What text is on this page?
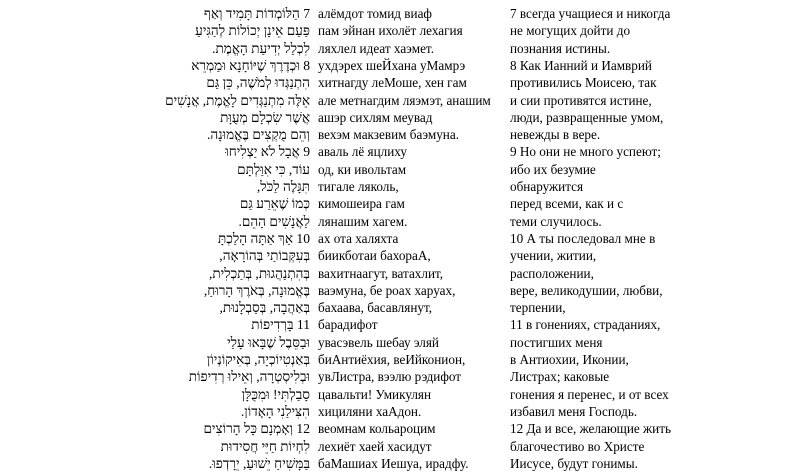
7 הַלּוֹמְדוֹת תָּמִיד וְאַף алёмдот томид виаф	7 всегда учащиеся и никогда
פַּעַם אֵינָן יְכוֹלוֹת לְהַגִּיעַ пам эйнан ихолёт лехагия	не могущих дойти до
לִכְלַל יְדִיעַת הָאֱמֶת. ляхлел идеат хаэмет.	познания истины.
8 וּכְדֶרֶךְ שֶׁיּוֹחָנָא וּמַמְרֵא ухдэрех шеЙхана уМамрэ	8 Как Ианний и Иамврий
הִתְנַגְּדוּ לְמֹשֶׁה, כֵּן גַּם хитнагду леМоше, хен гам	противились Моисею, так
אֵלֶּה מִתְנַגְּדִים לָאֱמֶת, אֲנָשִׁים але метнагдим ляэмэт, анашим	и сии противятся истине,
אֲשֶׁר שִׂכְלָם מְעֻוָּת ашэр сихлям меувад	люди, развращенные умом,
וְהֵם מֻקְצִים בֶּאֱמוּנָה. вехэм макзевим баэмуна.	невежды в вере.
9 אֲבָל לֹא יַצְלִיחוּ аваль лё яцлиху	9 Но они не много успеют;
עוֹד, כִּי אִוַּלְתָּם од, ки ивольтам	ибо их безумие
תִּגָּלֶה לַכֹּל, тигале ляколь,	обнаружится
כְּמוֹ שֶׁאֵרַע גַּם кимошеира гам	перед всеми, как и с
לַאֲנָשִׁים הָהֵם. лянашим хагем.	теми случилось.
10 אַךְ אַתָּה הָלַכְתָּ ах ота халяхта	10 А ты последовал мне в
בְּעִקְּבוֹתַי בְּהוֹרָאָה, биикботаи бахораА,	учении, житии,
בְּהִתְנַהֲגוּת, בְּתַכְלִית, вахитнаагут, ватахлит,	расположении,
בֶּאֱמוּנָה, בְּאֹרֶךְ הָרוּחַ, ваэмуна, бе роах харуах,	вере, великодушии, любви,
בְּאַהֲבָה, בְּסַבְלָנוּת, бахаава, басавлянут,	терпении,
11 בָּרְדִיפוֹת барадифот	11 в гонениях, страданиях,
וּבַסֵּבֶל שֶׁבָּאוּ עָלַי увасэвель шебау эляй	постигших меня
בְּאַנְטִיוֹכְיָה, בְּאִיקוֹנְיוֹן биАнтиёхия, веИйконион,	в Антиохии, Иконии,
וּבְלִיסְטְרָה, וְאֵילוּ רְדִיפוֹת увЛистра, вээлю рэдифот	Листрах; каковые
סָבַלְתִּי! וּמִכֻּלָּן цавальти! Умикулян	гонения я перенес, и от всех
הִצִּילַנִי הָאָדוֹן. хициляни хаАдон.	избавил меня Господь.
12 וְאָמְנָם כָּל הָרוֹצִים веомнам кольароцим	12 Да и все, желающие жить
לִחְיוֹת חַיֵּי חֲסִידוּת лехиёт хаей хасидут	благочестиво во Христе
בַּמָּשִׁיחַ יֵשׁוּעַ, יֵרָדְפוּ. баМашиах Иешуа, ирадфу.	Иисусе, будут гонимы.
